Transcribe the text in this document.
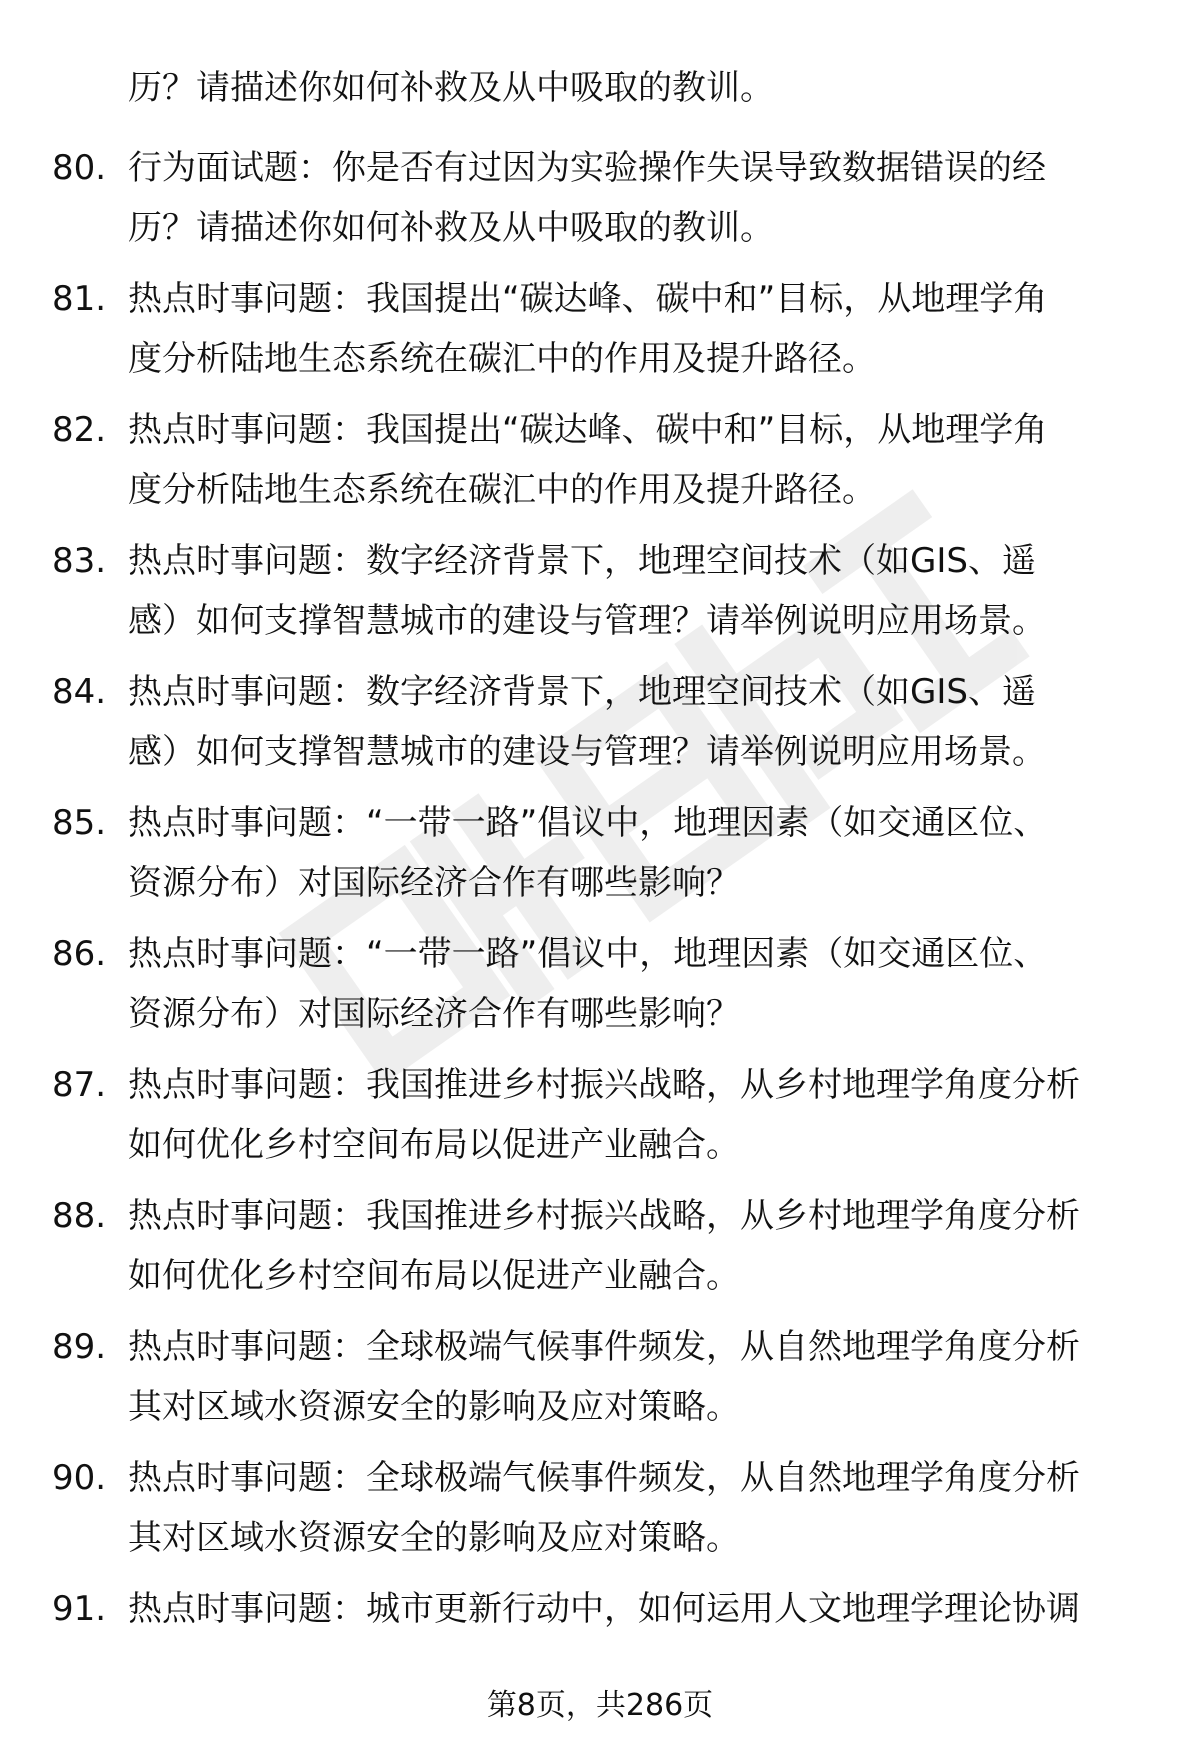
历？请描述你如何补救及从中吸取的教训。
80. 行为面试题：你是否有过因为实验操作失误导致数据错误的经
历？请描述你如何补救及从中吸取的教训。
81. 热点时事问题：我国提出“碳达峰、碳中和”目标，从地理学角
度分析陆地生态系统在碳汇中的作用及提升路径。
82. 热点时事问题：我国提出“碳达峰、碳中和”目标，从地理学角
度分析陆地生态系统在碳汇中的作用及提升路径。
83. 热点时事问题：数字经济背景下，地理空间技术（如GIS、遥
感）如何支撑智慧城市的建设与管理？请举例说明应用场景。
84. 热点时事问题：数字经济背景下，地理空间技术（如GIS、遥
感）如何支撑智慧城市的建设与管理？请举例说明应用场景。
85. 热点时事问题：“一带一路”倡议中，地理因素（如交通区位、
资源分布）对国际经济合作有哪些影响？
86. 热点时事问题：“一带一路”倡议中，地理因素（如交通区位、
资源分布）对国际经济合作有哪些影响？
87. 热点时事问题：我国推进乡村振兴战略，从乡村地理学角度分析
如何优化乡村空间布局以促进产业融合。
88. 热点时事问题：我国推进乡村振兴战略，从乡村地理学角度分析
如何优化乡村空间布局以促进产业融合。
89. 热点时事问题：全球极端气候事件频发，从自然地理学角度分析
其对区域水资源安全的影响及应对策略。
90. 热点时事问题：全球极端气候事件频发，从自然地理学角度分析
其对区域水资源安全的影响及应对策略。
91. 热点时事问题：城市更新行动中，如何运用人文地理学理论协调
第8页，共286页
